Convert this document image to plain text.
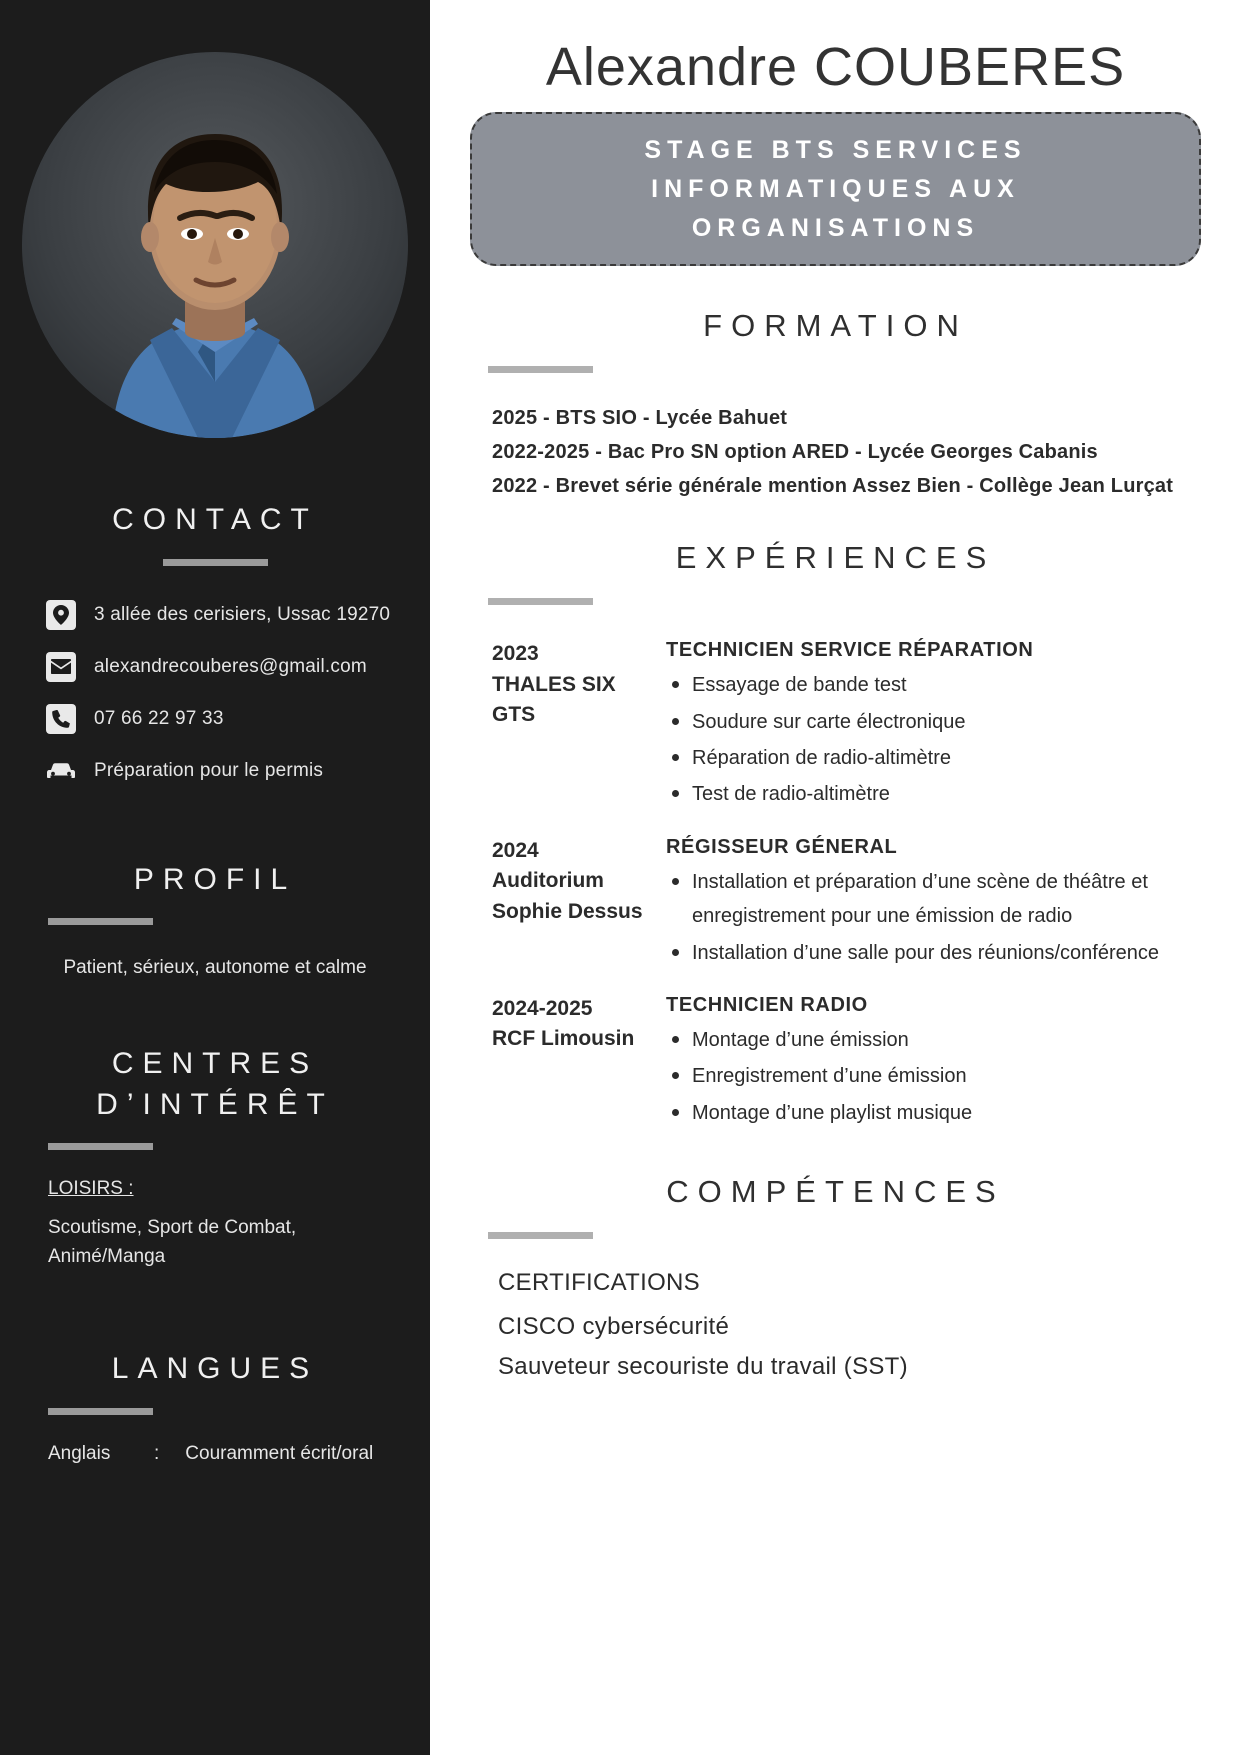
CONTACT
3 allée des cerisiers, Ussac 19270
alexandrecouberes@gmail.com
07 66 22 97 33
Préparation pour le permis
PROFIL

Patient, sérieux, autonome et calme

CENTRES
D’INTÉRÊT
LOISIRS :
Scoutisme, Sport de Combat, Animé/Manga
LANGUES
Anglais	: Couramment écrit/oral
Alexandre COUBERES
STAGE BTS SERVICES INFORMATIQUES AUX ORGANISATIONS
FORMATION
2025 - BTS SIO - Lycée Bahuet
2022-2025 - Bac Pro SN option ARED - Lycée Georges Cabanis
2022 - Brevet série générale mention Assez Bien - Collège Jean Lurçat
EXPÉRIENCES
2023
THALES SIX GTS
TECHNICIEN SERVICE RÉPARATION
Essayage de bande test
Soudure sur carte électronique
Réparation de radio-altimètre
Test de radio-altimètre
2024
Auditorium Sophie Dessus
RÉGISSEUR GÉNERAL
Installation et préparation d’une scène de théâtre et enregistrement pour une émission de radio
Installation d’une salle pour des réunions/conférence
2024-2025
RCF Limousin
TECHNICIEN RADIO
Montage d’une émission
Enregistrement d’une émission
Montage d’une playlist musique
COMPÉTENCES
CERTIFICATIONS
CISCO cybersécurité
Sauveteur secouriste du travail (SST)
